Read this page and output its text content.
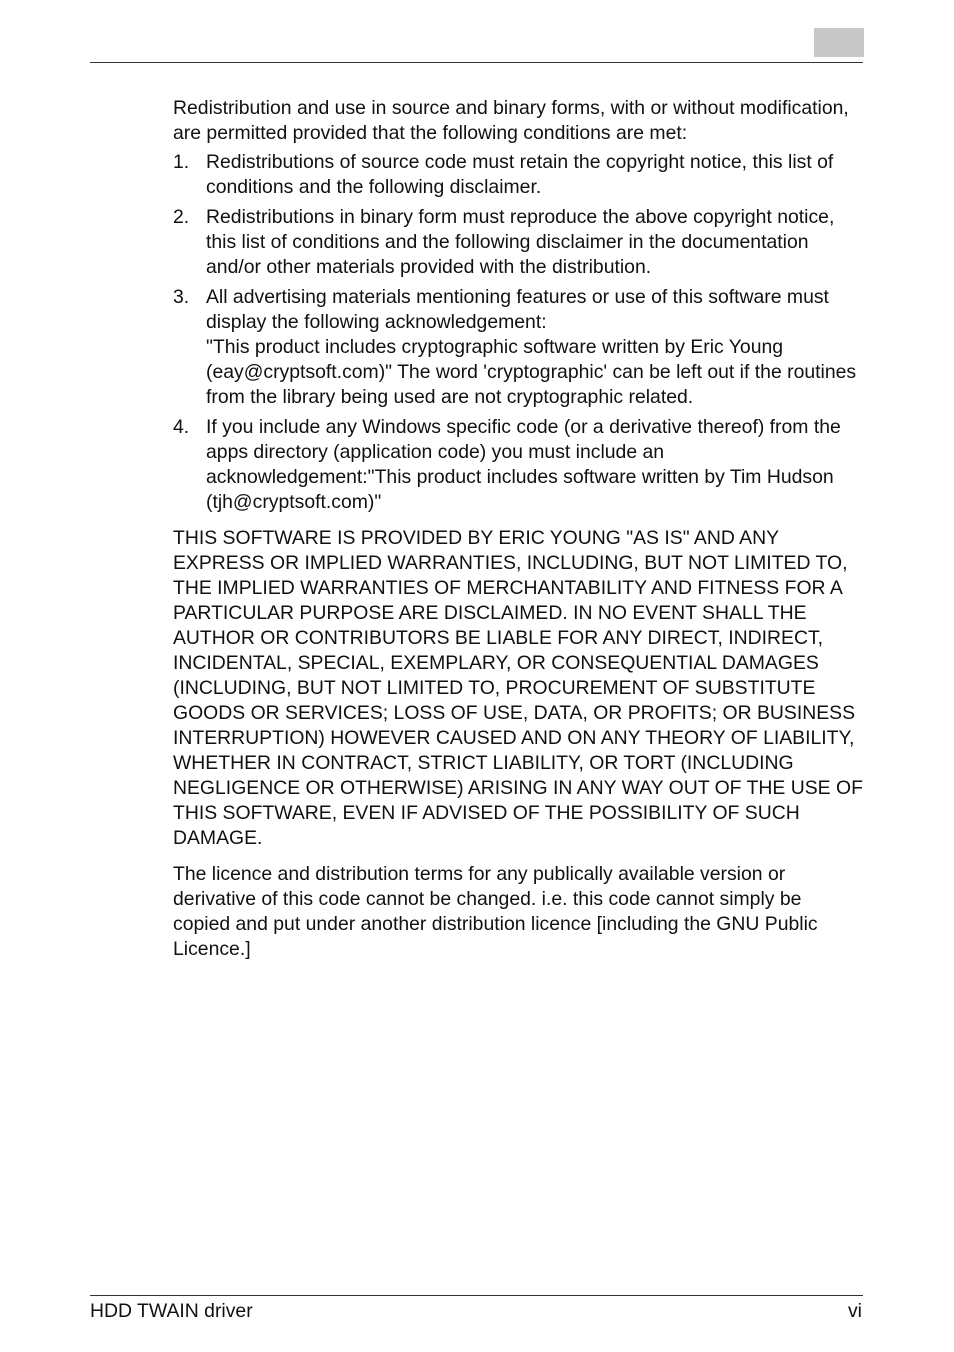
Redistribution and use in source and binary forms, with or without modification, are permitted provided that the following conditions are met:

1. Redistributions of source code must retain the copyright notice, this list of conditions and the following disclaimer.
2. Redistributions in binary form must reproduce the above copyright notice, this list of conditions and the following disclaimer in the documentation and/or other materials provided with the distribution.
3. All advertising materials mentioning features or use of this software must display the following acknowledgement:
"This product includes cryptographic software written by Eric Young (eay@cryptsoft.com)" The word 'cryptographic' can be left out if the routines from the library being used are not cryptographic related.
4. If you include any Windows specific code (or a derivative thereof) from the apps directory (application code) you must include an acknowledgement:"This product includes software written by Tim Hudson (tjh@cryptsoft.com)"

THIS SOFTWARE IS PROVIDED BY ERIC YOUNG "AS IS" AND ANY EXPRESS OR IMPLIED WARRANTIES, INCLUDING, BUT NOT LIMITED TO, THE IMPLIED WARRANTIES OF MERCHANTABILITY AND FITNESS FOR A PARTICULAR PURPOSE ARE DISCLAIMED. IN NO EVENT SHALL THE AUTHOR OR CONTRIBUTORS BE LIABLE FOR ANY DIRECT, INDIRECT, INCIDENTAL, SPECIAL, EXEMPLARY, OR CONSEQUENTIAL DAMAGES (INCLUDING, BUT NOT LIMITED TO, PROCUREMENT OF SUBSTITUTE GOODS OR SERVICES; LOSS OF USE, DATA, OR PROFITS; OR BUSINESS INTERRUPTION) HOWEVER CAUSED AND ON ANY THEORY OF LIABILITY, WHETHER IN CONTRACT, STRICT LIABILITY, OR TORT (INCLUDING NEGLIGENCE OR OTHERWISE) ARISING IN ANY WAY OUT OF THE USE OF THIS SOFTWARE, EVEN IF ADVISED OF THE POSSIBILITY OF SUCH DAMAGE.

The licence and distribution terms for any publically available version or derivative of this code cannot be changed. i.e. this code cannot simply be copied and put under another distribution licence [including the GNU Public Licence.]

HDD TWAIN driver	vi
